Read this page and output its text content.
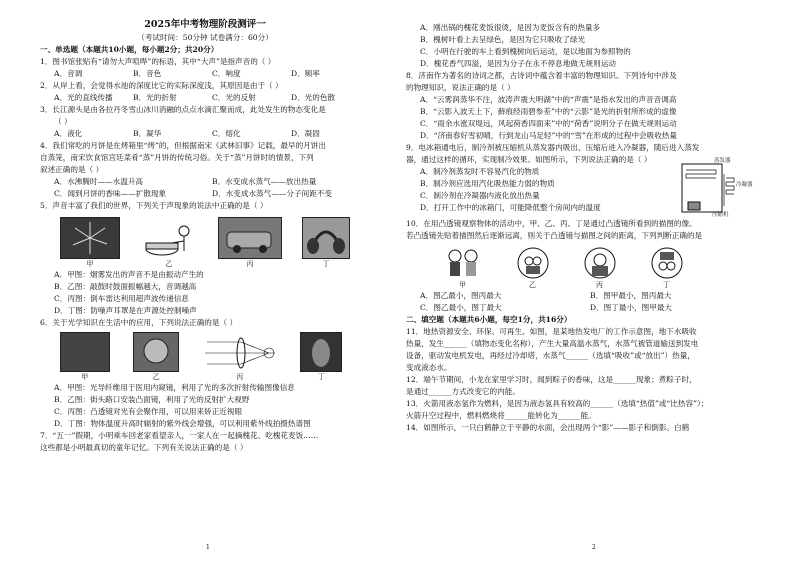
2025年中考物理阶段测评一
（考试时间：50分钟 试卷满分：60分）
一、单选题（本题共10小题，每小题2分；共20分）
1．图书馆张贴有“请勿大声喧哗”的标语，其中“大声”是指声音的（ ）
A．音调	B．音色	C．响度	D．频率
2．从岸上看，会觉得水池的深度比它的实际深度浅，其原因是由于（ ）
A．光的直线传播	B．光的折射	C．光的反射	D．光的色散
3．长江源头是由各拉丹冬雪山冰川消融的点点水滴汇聚而成，此处发生的物态变化是
（ ）
A．液化	B．凝华	C．熔化	D．凝固
4．我们常吃的月饼是在烤箱里“烤”的，但根据南宋《武林旧事》记载，最早的月饼出
自蒸笼，南宋饮食馆宫廷菜肴“蒸”月饼的传统习俗。关于“蒸”月饼时的情景，下列
叙述正确的是（ ）
A．水沸腾时——水温升高	B．水变成水蒸气——放出热量
C．闻到月饼的香味——扩散现象	D．水变成水蒸气——分子间距不变
5．声音丰富了我们的世界，下列关于声现象的说法中正确的是（ ）
甲	乙	丙	丁
A．甲图：烟雾发出的声音不是由振动产生的
B．乙图：敲鼓时鼓面振幅越大，音调越高
C．丙图：倒车雷达利用超声波传递信息
D．丁图：防噪声耳罩是在声源处控制噪声
6．关于光学知识在生活中的应用，下列说法正确的是（ ）
甲	乙	丙	丁
A．甲图：光导纤维用于医用内窥镜，利用了光的多次折射传输图像信息
B．乙图：街头路口安装凸面镜，利用了光的反射扩大视野
C．丙图：凸透镜对光有会聚作用，可以用来矫正近视眼
D．丁图：物体温度升高时辐射的紫外线会增强，可以利用紫外线拍摄热谱图
7．“五一”假期，小明乘车回老家看望亲人，一家人在一起摘槐花、吃槐花麦饭……
这些都是小明最真切的童年记忆。下列有关说法正确的是（ ）
1
A．刚出锅的槐花麦饭很烫，是因为麦饭含有的热量多
B．槐树叶看上去呈绿色，是因为它只吸收了绿光
C．小明在行驶的车上看到槐树向后运动，是以地面为参照物的
D．槐花香气四溢，是因为分子在永不停息地做无规则运动
8．济南作为著名的诗词之都，古诗词中蕴含着丰富的物理知识。下列诗句中涉及
的物理知识，说法正确的是（ ）
A．“云雾润蒸华不注，波涛声震大明湖”中的“声震”是指水发出的声音音调高
B．“云影入波天上下，藓痕经雨碧参差”中的“云影”是光的折射所形成的虚像
C．“雨余水涨双堤远，风起荷香四面来”中的“荷香”说明分子在做无规则运动
D．“济南春好雪初晴，行到龙山马足轻”中的“雪”在形成的过程中会吸收热量
9．电冰箱通电后，制冷剂被压缩机从蒸发器内吸出、压缩后进入冷凝器，随后进入蒸发
器，通过这样的循环，实现制冷效果。如图所示，下列说法正确的是（ ）
A．制冷剂蒸发时不容易汽化的物质
B．制冷剂应选用汽化吸热能力弱的物质
C．制冷剂在冷凝器内液化放出热量
D．打开工作中的冰箱门，可能降低整个房间内的温度
蒸发器
冷凝器
压缩机
10．在用凸透镜观察物体的活动中，甲、乙、丙、丁是通过凸透镜所看到的描图的像。
若凸透镜先贴着描图然后逐渐远离，则关于凸透镜与描图之间的距离，下列判断正确的是
甲	乙	丙	丁
A．图乙最小，图丙最大	B．图甲最小，图丙最大
C．图乙最小，图丁最大	D．图丁最小，图甲最大
二、填空题（本题共6小题，每空1分，共16分）
11．地热资源安全、环保、可再生。如图，是某地热发电厂的工作示意图，地下水吸收
热量，发生______（填物态变化名称），产生大量高温水蒸气，水蒸气被管道输送到发电
设备，驱动发电机发电，再经过冷却塔，水蒸气______（选填“吸收”或“放出”）热量，
变成液态水。
12．端午节期间，小龙在家里学习时，闻到粽子的香味，这是______现象；煮粽子时，
是通过______方式改变它的内能。
13．火箭用液态氢作为燃料，是因为液态氢具有较高的______（选填“热值”或“比热容”）；
火箭升空过程中，燃料燃烧将______能转化为______能。
14．如图所示，一只白鹤静立于平静的水面，会出现两个“影”——影子和倒影。白鹤
2
